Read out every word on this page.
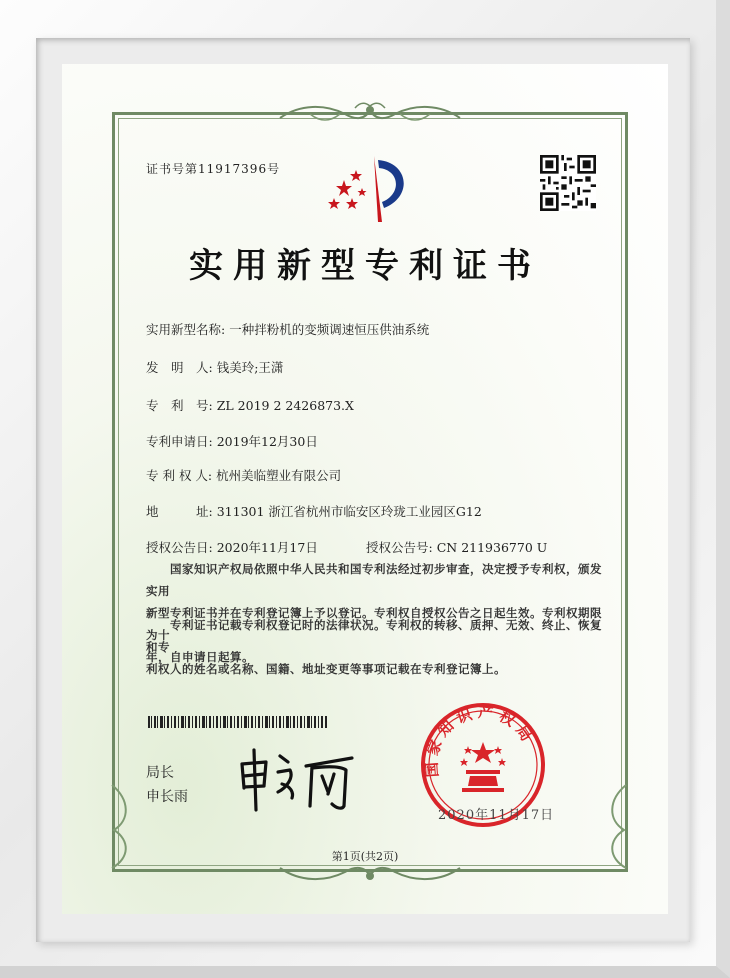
证书号第11917396号
实用新型专利证书
实用新型名称: 一种拌粉机的变频调速恒压供油系统
发　明　人: 钱美玲;王潇
专　利　号: ZL 2019 2 2426873.X
专利申请日: 2019年12月30日
专 利 权 人: 杭州美临塑业有限公司
地　　　址: 311301 浙江省杭州市临安区玲珑工业园区G12
授权公告日: 2020年11月17日	授权公告号: CN 211936770 U
国家知识产权局依照中华人民共和国专利法经过初步审查，决定授予专利权，颁发实用
新型专利证书并在专利登记簿上予以登记。专利权自授权公告之日起生效。专利权期限为十
年，自申请日起算。
专利证书记载专利权登记时的法律状况。专利权的转移、质押、无效、终止、恢复和专
利权人的姓名或名称、国籍、地址变更等事项记载在专利登记簿上。
局长
申长雨
国家知识产权局
2020年11月17日
第1页(共2页)
